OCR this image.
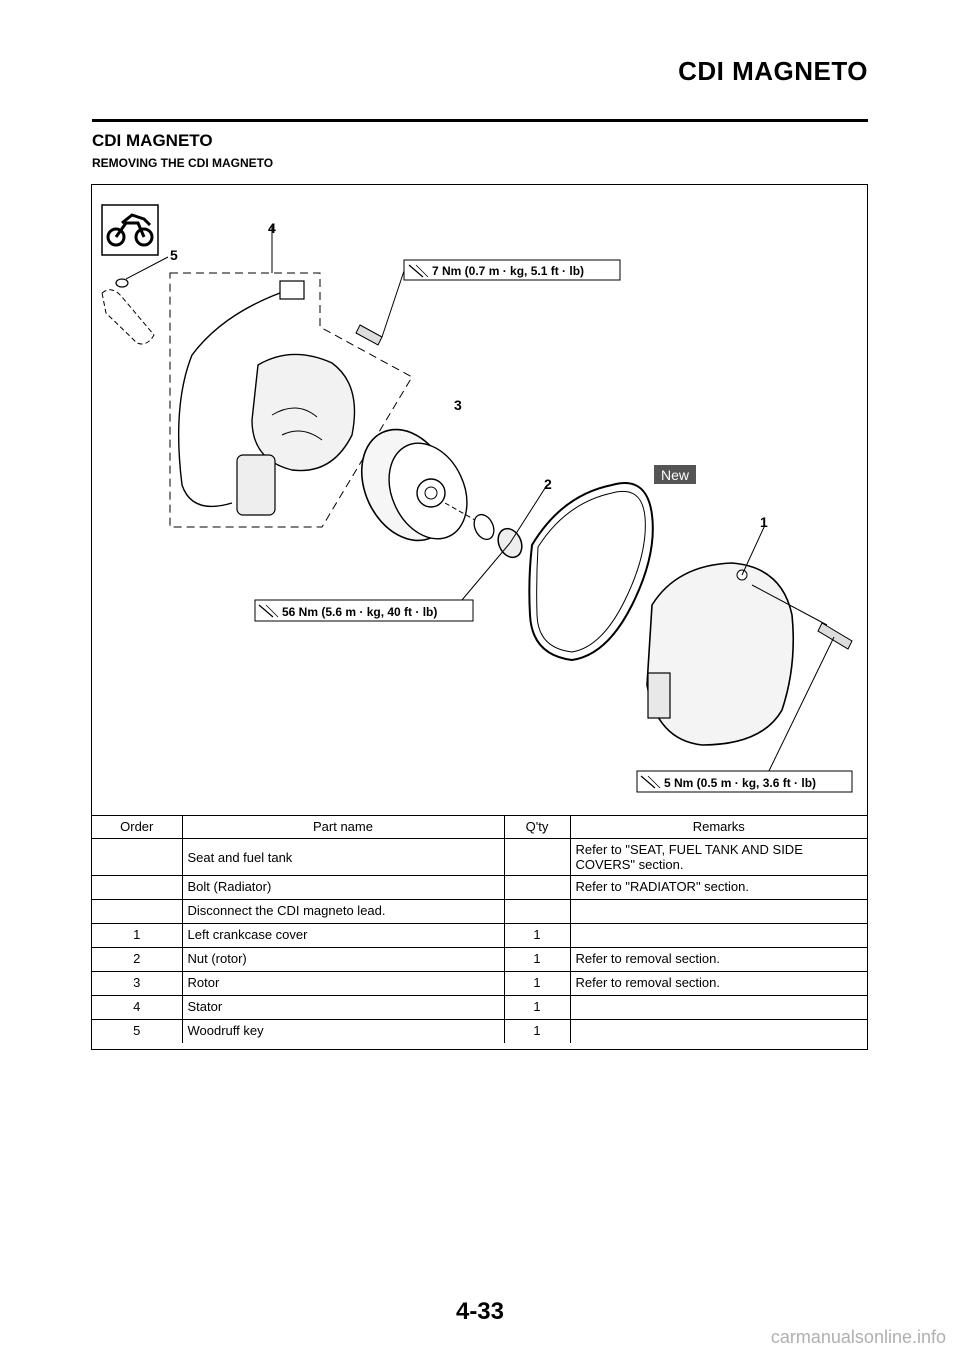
CDI MAGNETO
CDI MAGNETO
REMOVING THE CDI MAGNETO
4
5
3
2
1
New
7 Nm (0.7 m · kg, 5.1 ft · lb)
56 Nm (5.6 m · kg, 40 ft · lb)
5 Nm (0.5 m · kg, 3.6 ft · lb)
Order	Part name	Q'ty	Remarks
	Seat and fuel tank		Refer to "SEAT, FUEL TANK AND SIDE COVERS" section.
	Bolt (Radiator)		Refer to "RADIATOR" section.
	Disconnect the CDI magneto lead.		
1	Left crankcase cover	1	
2	Nut (rotor)	1	Refer to removal section.
3	Rotor	1	Refer to removal section.
4	Stator	1	
5	Woodruff key	1	
4-33
carmanualsonline.info
